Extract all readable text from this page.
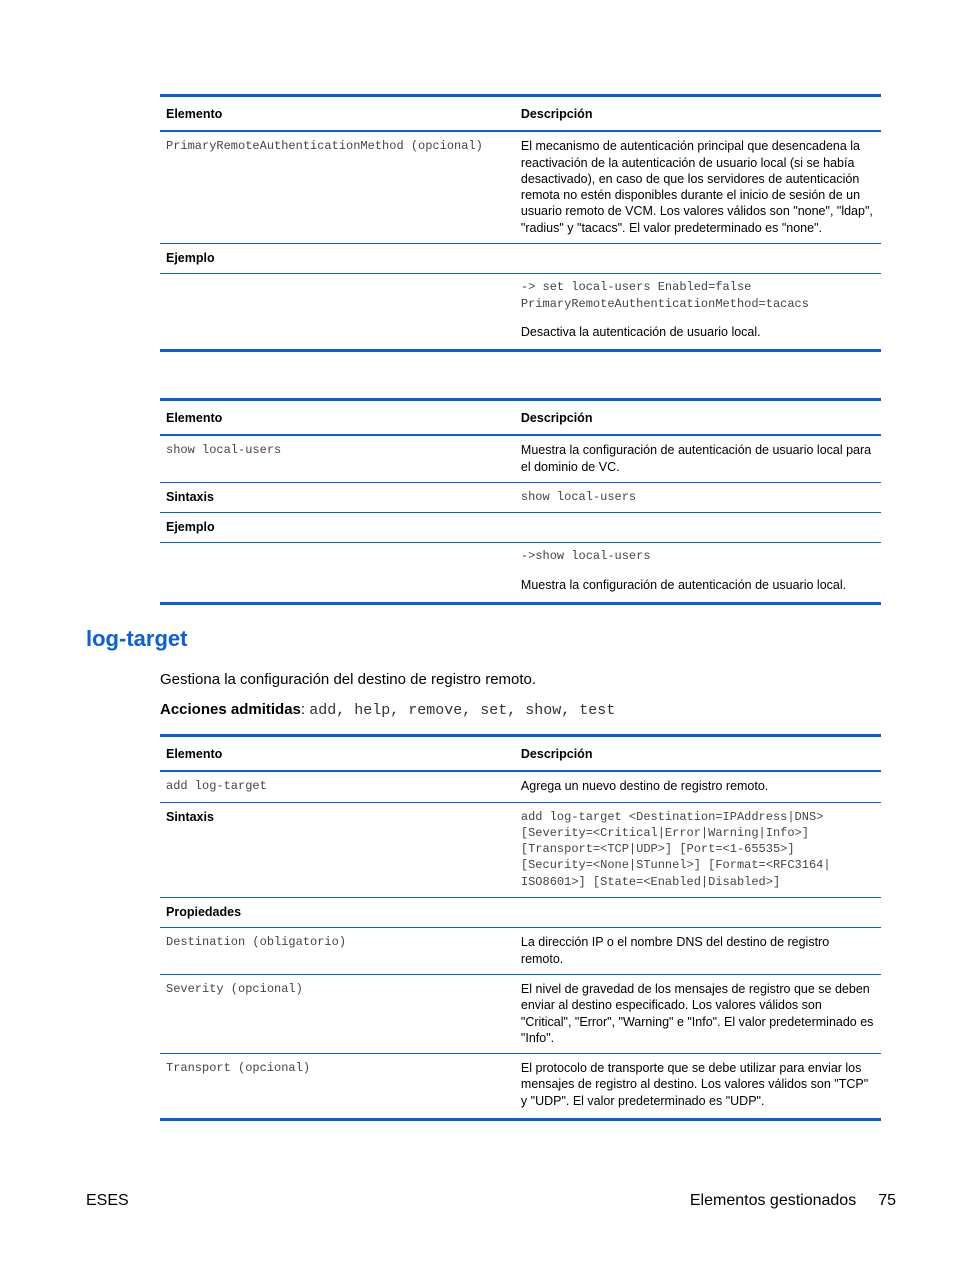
Elemento	Descripción
PrimaryRemoteAuthenticationMethod (opcional)	El mecanismo de autenticación principal que desencadena la reactivación de la autenticación de usuario local (si se había desactivado), en caso de que los servidores de autenticación remota no estén disponibles durante el inicio de sesión de un usuario remoto de VCM. Los valores válidos son "none", "ldap", "radius" y "tacacs". El valor predeterminado es "none".
Ejemplo	

	-> set local-users Enabled=false
PrimaryRemoteAuthenticationMethod=tacacs
Desactiva la autenticación de usuario local.
Elemento	Descripción
show local-users	Muestra la configuración de autenticación de usuario local para el dominio de VC.
Sintaxis	show local-users
Ejemplo	

	->show local-users
Muestra la configuración de autenticación de usuario local.
log-target

Gestiona la configuración del destino de registro remoto.

Acciones admitidas: add, help, remove, set, show, test

Elemento	Descripción
add log-target	Agrega un nuevo destino de registro remoto.
Sintaxis	add log-target <Destination=IPAddress|DNS>
[Severity=<Critical|Error|Warning|Info>]
[Transport=<TCP|UDP>] [Port=<1-65535>]
[Security=<None|STunnel>] [Format=<RFC3164|
ISO8601>] [State=<Enabled|Disabled>]

Propiedades	
Destination (obligatorio)	La dirección IP o el nombre DNS del destino de registro remoto.
Severity (opcional)	El nivel de gravedad de los mensajes de registro que se deben enviar al destino especificado. Los valores válidos son "Critical", "Error", "Warning" e "Info". El valor predeterminado es "Info".
Transport (opcional)	El protocolo de transporte que se debe utilizar para enviar los mensajes de registro al destino. Los valores válidos son "TCP" y "UDP". El valor predeterminado es "UDP".
ESES	Elementos gestionados 75
